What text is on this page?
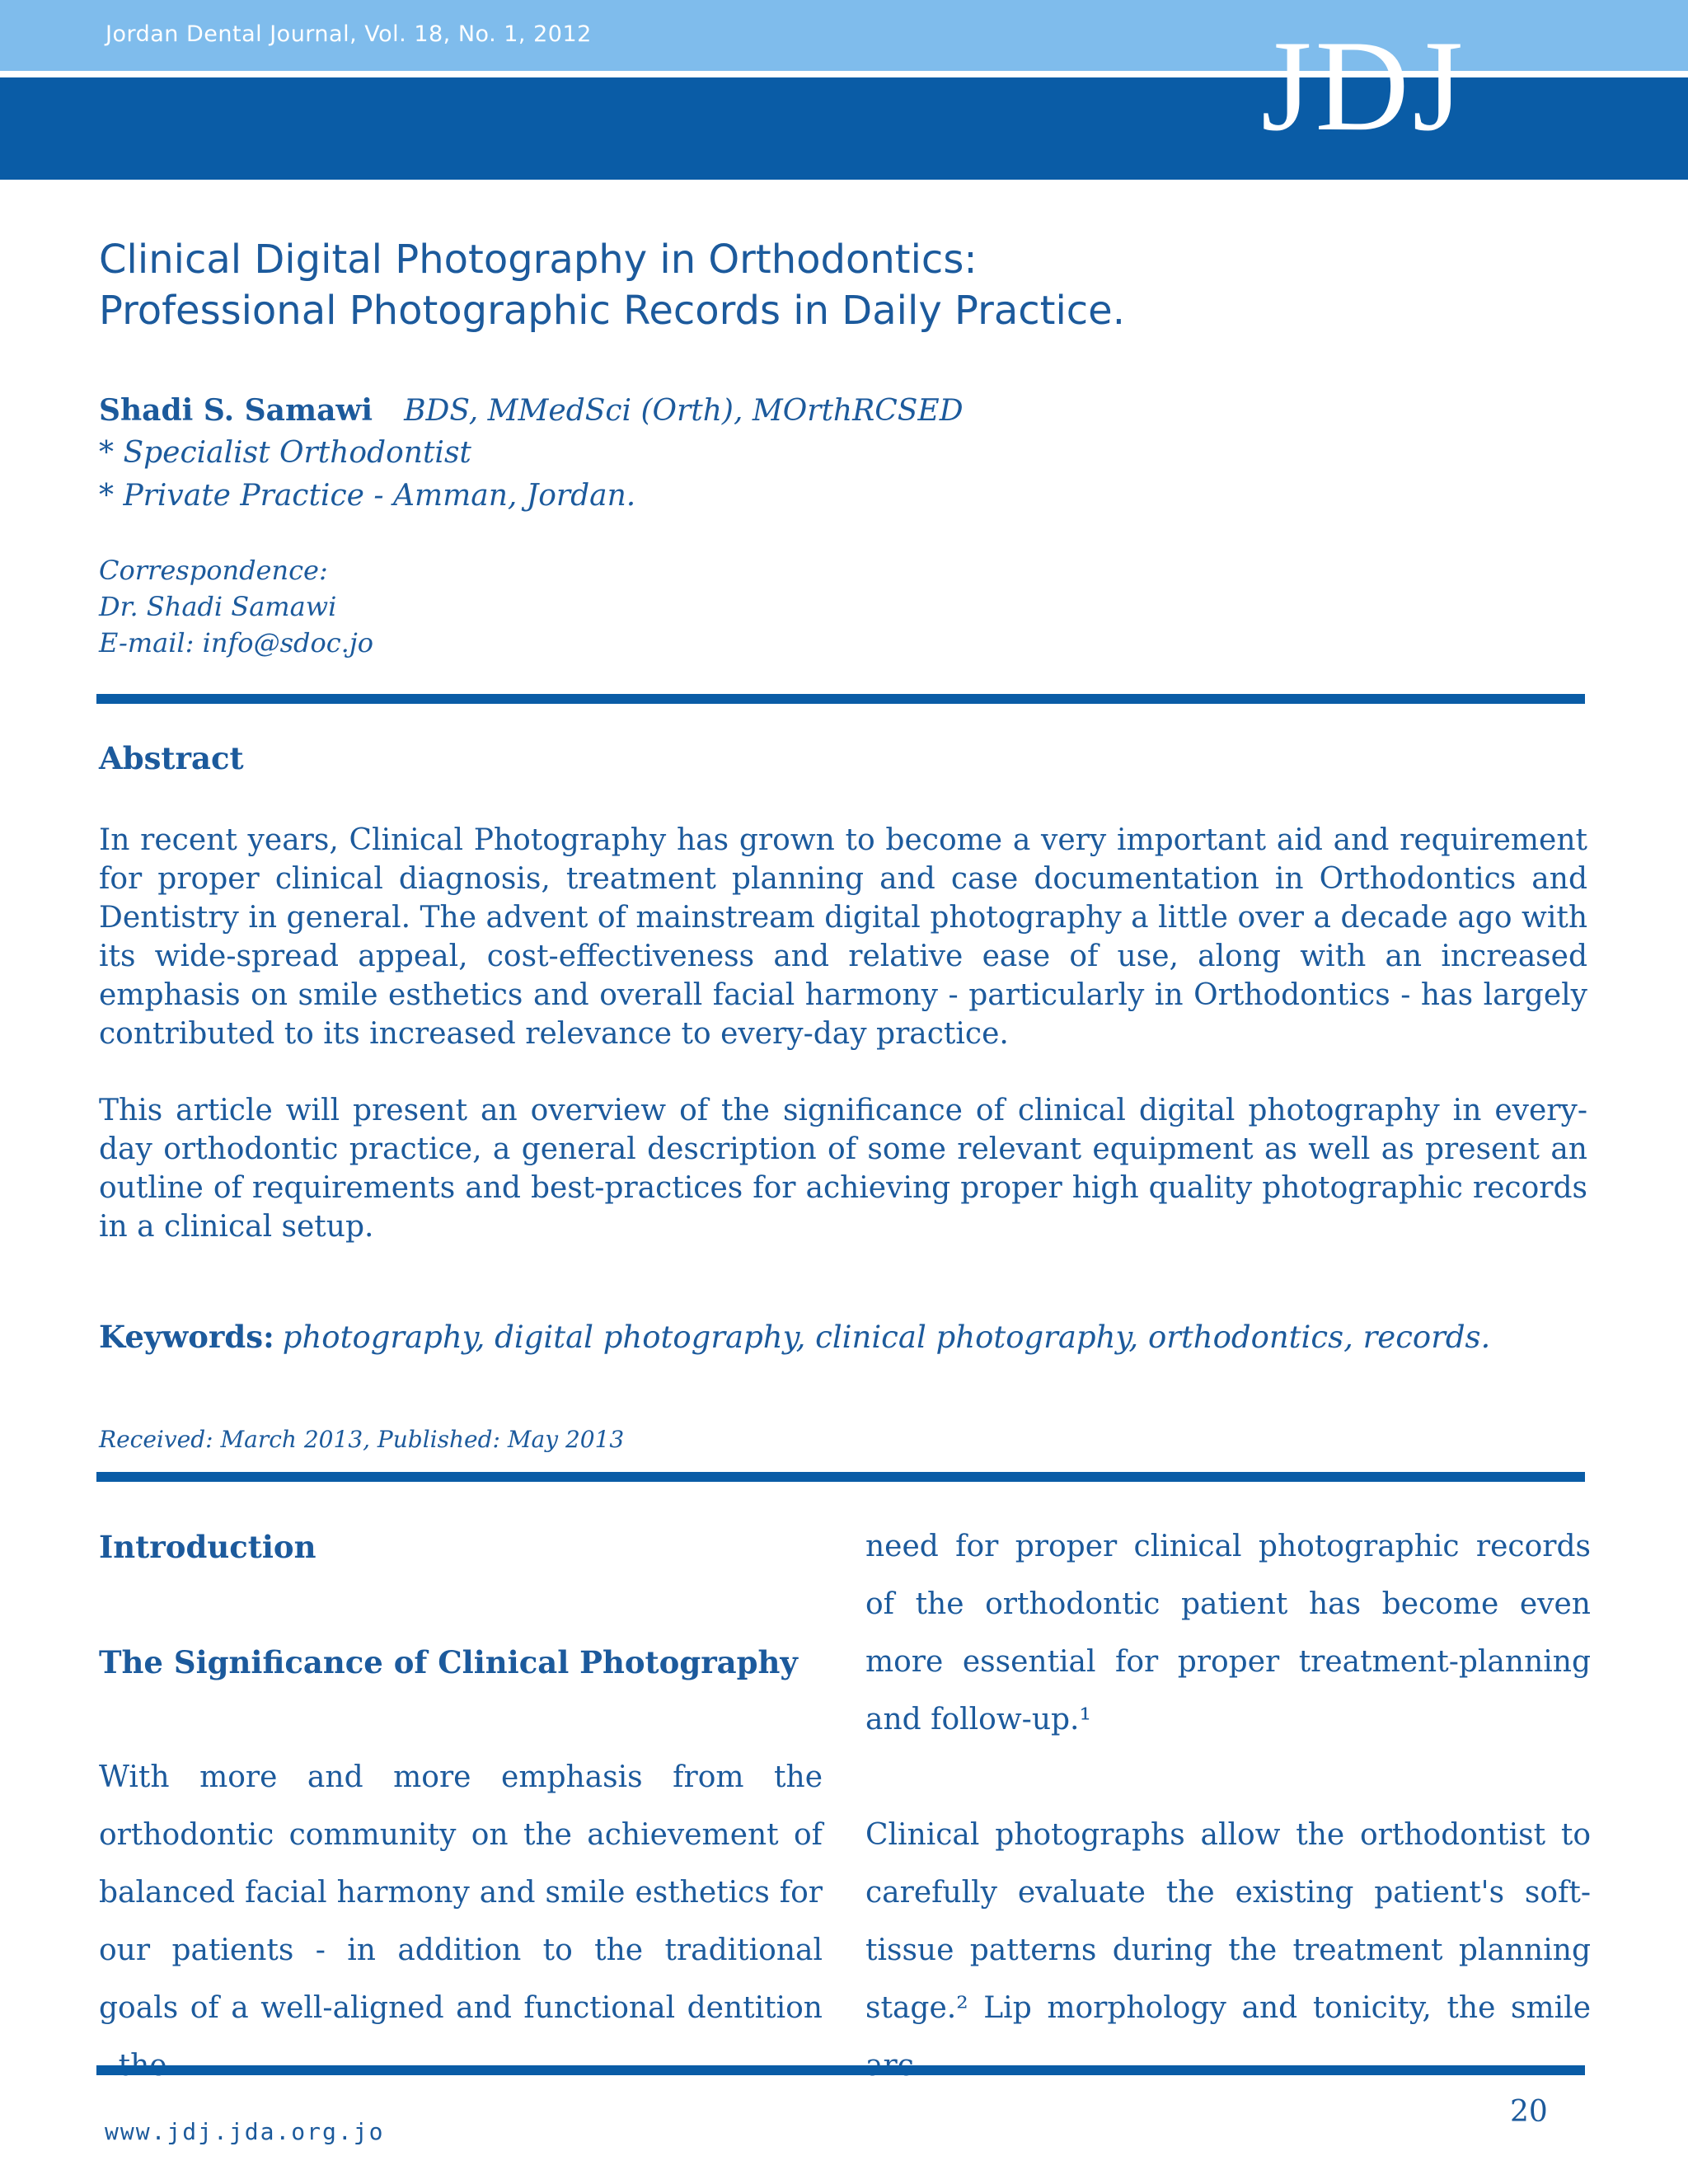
Jordan Dental Journal, Vol. 18, No. 1, 2012	JDJ
Clinical Digital Photography in Orthodontics:
Professional Photographic Records in Daily Practice.
Shadi S. Samawi BDS, MMedSci (Orth), MOrthRCSED
* Specialist Orthodontist
* Private Practice - Amman, Jordan.
Correspondence:
Dr. Shadi Samawi
E-mail: info@sdoc.jo
Abstract
In recent years, Clinical Photography has grown to become a very important aid and requirement for proper clinical diagnosis, treatment planning and case documentation in Orthodontics and Dentistry in general. The advent of mainstream digital photography a little over a decade ago with its wide-spread appeal, cost-effectiveness and relative ease of use, along with an increased emphasis on smile esthetics and overall facial harmony - particularly in Orthodontics - has largely contributed to its increased relevance to every-day practice.
This article will present an overview of the significance of clinical digital photography in every-day orthodontic practice, a general description of some relevant equipment as well as present an outline of requirements and best-practices for achieving proper high quality photographic records in a clinical setup.
Keywords: photography, digital photography, clinical photography, orthodontics, records.
Received: March 2013, Published: May 2013
Introduction
The Significance of Clinical Photography

With more and more emphasis from the orthodontic community on the achievement of balanced facial harmony and smile esthetics for our patients - in addition to the traditional goals of a well-aligned and functional dentition

need for proper clinical photographic records of the orthodontic patient has become even more essential for proper treatment-planning and follow-up.¹

Clinical photographs allow the orthodontist to carefully evaluate the existing patient's soft-tissue patterns during the treatment planning stage.² Lip morphology and tonicity, the smile

www.jdj.jda.org.jo
20
